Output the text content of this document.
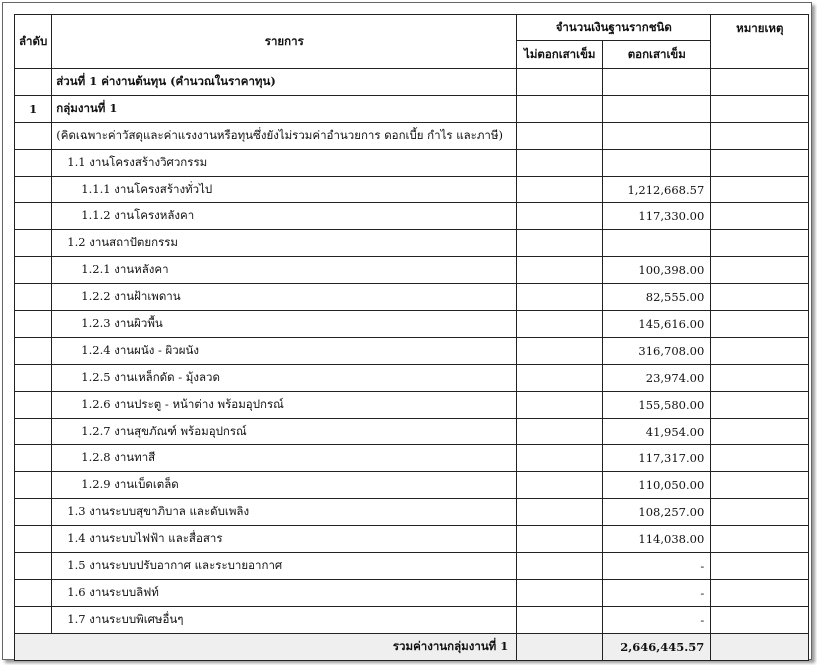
ลำดับ	รายการ	จำนวนเงินฐานรากชนิด		หมายเหตุ
		ไม่ตอกเสาเข็ม	ตอกเสาเข็ม	
	ส่วนที่ 1 ค่างานต้นทุน (คำนวณในราคาทุน)			
1	กลุ่มงานที่ 1			
	(คิดเฉพาะค่าวัสดุและค่าแรงงานหรือทุนซึ่งยังไม่รวมค่าอำนวยการ ดอกเบี้ย กำไร และภาษี)			
	1.1 งานโครงสร้างวิศวกรรม			
	1.1.1 งานโครงสร้างทั่วไป		1,212,668.57	
	1.1.2 งานโครงหลังคา		117,330.00	
	1.2 งานสถาปัตยกรรม			
	1.2.1 งานหลังคา		100,398.00	
	1.2.2 งานฝ้าเพดาน		82,555.00	
	1.2.3 งานผิวพื้น		145,616.00	
	1.2.4 งานผนัง - ผิวผนัง		316,708.00	
	1.2.5 งานเหล็กดัด - มุ้งลวด		23,974.00	
	1.2.6 งานประตู - หน้าต่าง พร้อมอุปกรณ์		155,580.00	
	1.2.7 งานสุขภัณฑ์ พร้อมอุปกรณ์		41,954.00	
	1.2.8 งานทาสี		117,317.00	
	1.2.9 งานเบ็ดเตล็ด		110,050.00	
	1.3 งานระบบสุขาภิบาล และดับเพลิง		108,257.00	
	1.4 งานระบบไฟฟ้า และสื่อสาร		114,038.00	
	1.5 งานระบบปรับอากาศ และระบายอากาศ		-	
	1.6 งานระบบลิฟท์		-	
	1.7 งานระบบพิเศษอื่นๆ		-	
รวมค่างานกลุ่มงานที่ 1			2,646,445.57	
